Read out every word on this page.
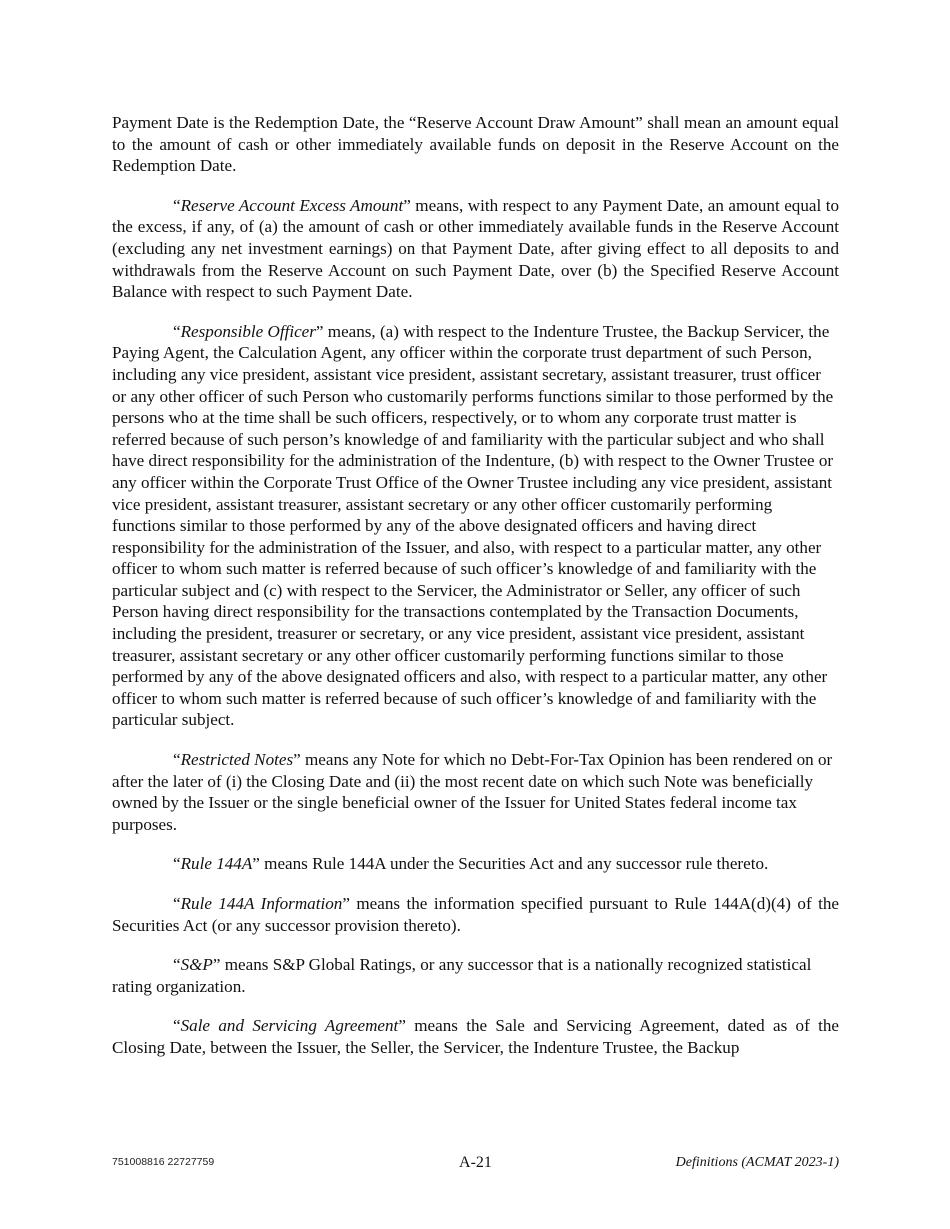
Payment Date is the Redemption Date, the “Reserve Account Draw Amount” shall mean an amount equal to the amount of cash or other immediately available funds on deposit in the Reserve Account on the Redemption Date.

“Reserve Account Excess Amount” means, with respect to any Payment Date, an amount equal to the excess, if any, of (a) the amount of cash or other immediately available funds in the Reserve Account (excluding any net investment earnings) on that Payment Date, after giving effect to all deposits to and withdrawals from the Reserve Account on such Payment Date, over (b) the Specified Reserve Account Balance with respect to such Payment Date.

“Responsible Officer” means, (a) with respect to the Indenture Trustee, the Backup Servicer, the Paying Agent, the Calculation Agent, any officer within the corporate trust department of such Person, including any vice president, assistant vice president, assistant secretary, assistant treasurer, trust officer or any other officer of such Person who customarily performs functions similar to those performed by the persons who at the time shall be such officers, respectively, or to whom any corporate trust matter is referred because of such person’s knowledge of and familiarity with the particular subject and who shall have direct responsibility for the administration of the Indenture, (b) with respect to the Owner Trustee or any officer within the Corporate Trust Office of the Owner Trustee including any vice president, assistant vice president, assistant treasurer, assistant secretary or any other officer customarily performing functions similar to those performed by any of the above designated officers and having direct responsibility for the administration of the Issuer, and also, with respect to a particular matter, any other officer to whom such matter is referred because of such officer’s knowledge of and familiarity with the particular subject and (c) with respect to the Servicer, the Administrator or Seller, any officer of such Person having direct responsibility for the transactions contemplated by the Transaction Documents, including the president, treasurer or secretary, or any vice president, assistant vice president, assistant treasurer, assistant secretary or any other officer customarily performing functions similar to those performed by any of the above designated officers and also, with respect to a particular matter, any other officer to whom such matter is referred because of such officer’s knowledge of and familiarity with the particular subject.

“Restricted Notes” means any Note for which no Debt-For-Tax Opinion has been rendered on or after the later of (i) the Closing Date and (ii) the most recent date on which such Note was beneficially owned by the Issuer or the single beneficial owner of the Issuer for United States federal income tax purposes.

“Rule 144A” means Rule 144A under the Securities Act and any successor rule thereto.

“Rule 144A Information” means the information specified pursuant to Rule 144A(d)(4) of the Securities Act (or any successor provision thereto).

“S&P” means S&P Global Ratings, or any successor that is a nationally recognized statistical rating organization.

“Sale and Servicing Agreement” means the Sale and Servicing Agreement, dated as of the Closing Date, between the Issuer, the Seller, the Servicer, the Indenture Trustee, the Backup

751008816 22727759	A-21	Definitions (ACMAT 2023-1)
